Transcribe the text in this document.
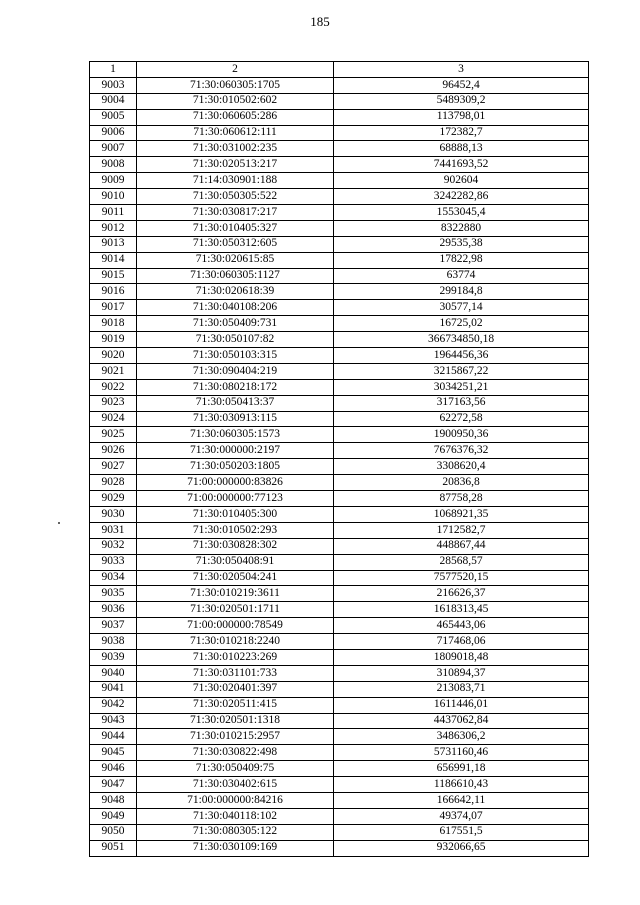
185
1	2	3
9003	71:30:060305:1705	96452,4
9004	71:30:010502:602	5489309,2
9005	71:30:060605:286	113798,01
9006	71:30:060612:111	172382,7
9007	71:30:031002:235	68888,13
9008	71:30:020513:217	7441693,52
9009	71:14:030901:188	902604
9010	71:30:050305:522	3242282,86
9011	71:30:030817:217	1553045,4
9012	71:30:010405:327	8322880
9013	71:30:050312:605	29535,38
9014	71:30:020615:85	17822,98
9015	71:30:060305:1127	63774
9016	71:30:020618:39	299184,8
9017	71:30:040108:206	30577,14
9018	71:30:050409:731	16725,02
9019	71:30:050107:82	366734850,18
9020	71:30:050103:315	1964456,36
9021	71:30:090404:219	3215867,22
9022	71:30:080218:172	3034251,21
9023	71:30:050413:37	317163,56
9024	71:30:030913:115	62272,58
9025	71:30:060305:1573	1900950,36
9026	71:30:000000:2197	7676376,32
9027	71:30:050203:1805	3308620,4
9028	71:00:000000:83826	20836,8
9029	71:00:000000:77123	87758,28
9030	71:30:010405:300	1068921,35
9031	71:30:010502:293	1712582,7
9032	71:30:030828:302	448867,44
9033	71:30:050408:91	28568,57
9034	71:30:020504:241	7577520,15
9035	71:30:010219:3611	216626,37
9036	71:30:020501:1711	1618313,45
9037	71:00:000000:78549	465443,06
9038	71:30:010218:2240	717468,06
9039	71:30:010223:269	1809018,48
9040	71:30:031101:733	310894,37
9041	71:30:020401:397	213083,71
9042	71:30:020511:415	1611446,01
9043	71:30:020501:1318	4437062,84
9044	71:30:010215:2957	3486306,2
9045	71:30:030822:498	5731160,46
9046	71:30:050409:75	656991,18
9047	71:30:030402:615	1186610,43
9048	71:00:000000:84216	166642,11
9049	71:30:040118:102	49374,07
9050	71:30:080305:122	617551,5
9051	71:30:030109:169	932066,65
